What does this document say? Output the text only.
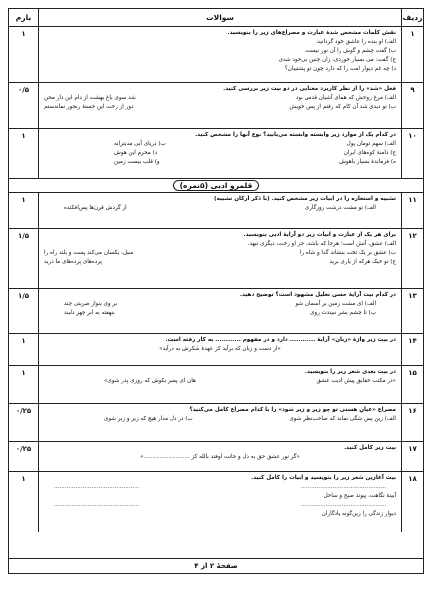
ردیف
سوالات
بارم
۱
نقش کلمات مشخص شدهٔ عبارت و مصراع‌های زیر را بنویسید.
الف) او بنده را عاشق خود گردانید.
ب) گفت چشم و گوش را آن نور نیست
ج) گفت: می بسیار خوردی، زان چنین بی‌خود شدی
د) چه غم دیوار امت را که دارد چون تو پشتیبان؟
۱
۹
فعل «شد» را از نظر کاربرد معنایی در دو بیت زیر بررسی کنید.
الف) مرغ روحش که همای آشیان قدس بود
شد سوی باغ بهشت از دام این دار محن
ب) تو دیدی شد آن کام که رفتم از پس خویش
دور از رخت این خستهٔ رنجور نماندستم
۰/۵
۱۰
در کدام یک از موارد زیر وابسته وابسته می‌یابید؟ نوع آنها را مشخص کنید.
الف) سهم تومان پول
ب) دریای آبی مدیترانه
ج) دامنهٔ کوه‌های ایران
د) محرم این هوش
ه) فرماندهٔ بسیار باهوش
و) قلب بیست زمین
۱
قلمرو ادبی (۵نمره)
۱۱
تشبیه و استعاره را در ابیات زیر مشخص کنید. (با ذکر ارکان تشبیه)
الف) تو مشت درشت روزگاری
از گردش قرن‌ها پس‌افکنده
۱
۱۲
برای هر یک از عبارت و ابیات زیر دو آرایهٔ ادبی بنویسید.
الف) عشق، آتش است؛ هرجا که باشد، جز او رخت، دیگری نبهد.
ب) عشق بر یک تخت بنشاند گدا و شاه را
سیل، یکسان می‌کند پست و بلند راه را
ج) تو خیک هرکه از یاری برید
پرده‌های پرده‌های ما درید
۱/۵
۱۳
در کدام بیت آرایهٔ حسن تعلیل مشهود است؟ توضیح دهید.
الف) ای مشت زمین بر آسمان شو
بر وی بنواز ضربتی چند
ب) تا چشم بشر نبیندت روی
بنهفته به ابر چهر دلبند
۱/۵
۱۴
در بیت زیر واژهٔ «زبان» آرایهٔ ............ دارد و در مفهوم ............ به کار رفته است.
«از دست و زبان که برآید کز عهدهٔ شکرش به درآید»
۱
۱۵
در بیت بعدی شعر زیر را بنویسید.
«در مکتب حقایق پیش ادیب عشق
هان ای پسر بکوش که روزی پدر شوی»
۱
۱۶
مصراع «عیانِ هستی تو چو زیر و زبر شود» را با کدام مصراع کامل می‌کنید؟
الف) زین پس شگی نماند که صاحب‌نظر شوی
ب) در دل مدار هیچ که زیر و زبر شوی
۰/۲۵
۱۷
بیت زیر کامل کنید.
«گر نور عشق حق به دل و جانت اوفتد بالله کز ..........................»
۰/۲۵
۱۸
بیت آغازین شعر زیر را بنویسید و ابیات را کامل کنید.
................................................
................................................
آیینهٔ نگاهت، پیوند صبح و ساحل
................................................
................................................
دیوار زندگی را زین‌گونه یادگاران
۱
صفحهٔ ۲ از ۴
